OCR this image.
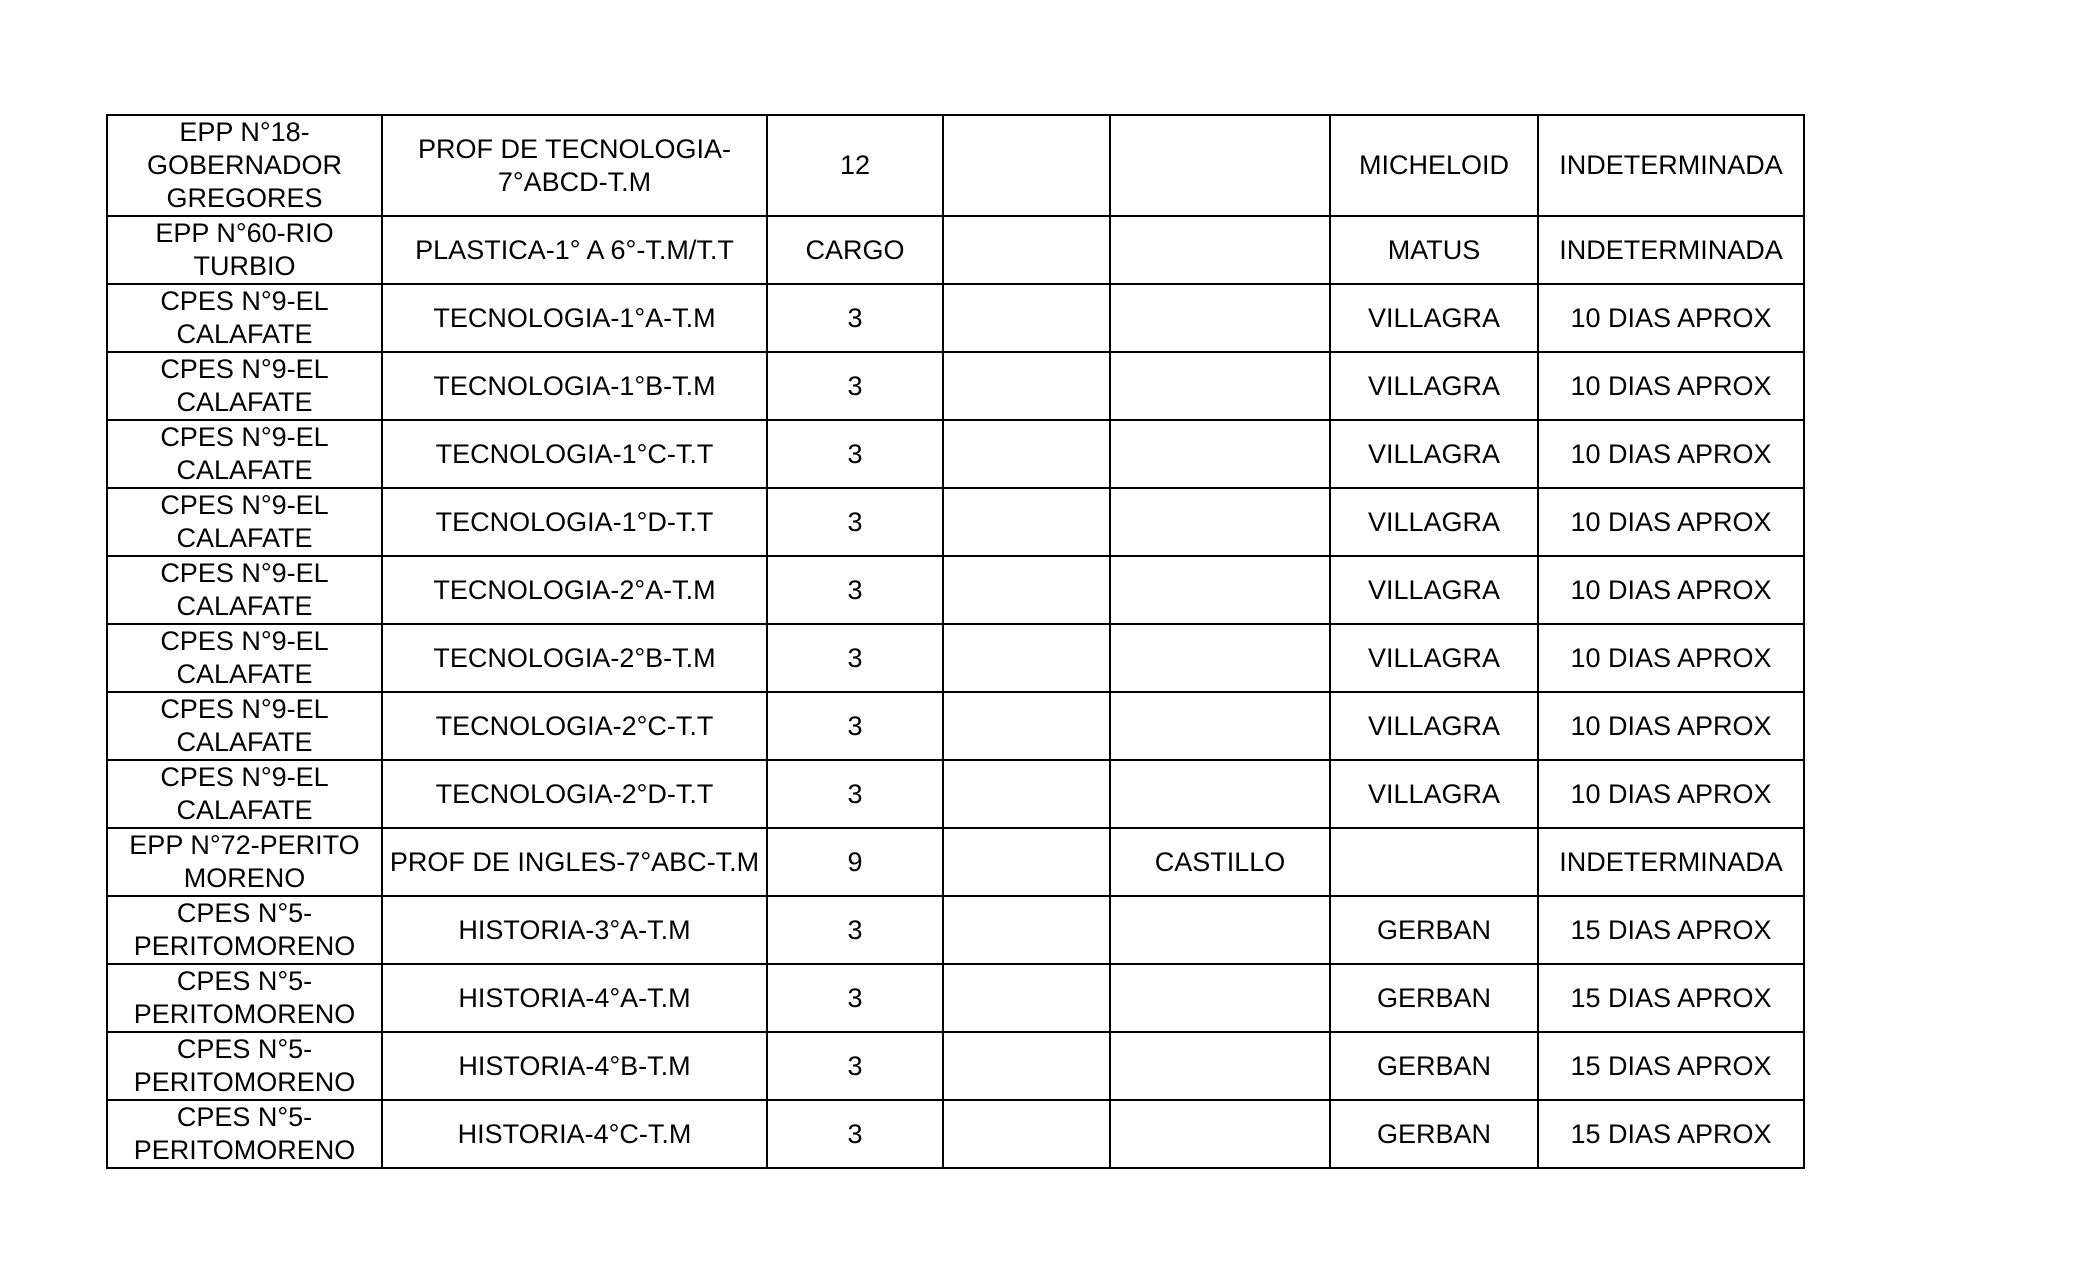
EPP N°18-GOBERNADOR GREGORES	PROF DE TECNOLOGIA-7°ABCD-T.M	12			MICHELOID	INDETERMINADA
EPP N°60-RIO TURBIO	PLASTICA-1° A 6°-T.M/T.T	CARGO			MATUS	INDETERMINADA
CPES N°9-EL CALAFATE	TECNOLOGIA-1°A-T.M	3			VILLAGRA	10 DIAS APROX
CPES N°9-EL CALAFATE	TECNOLOGIA-1°B-T.M	3			VILLAGRA	10 DIAS APROX
CPES N°9-EL CALAFATE	TECNOLOGIA-1°C-T.T	3			VILLAGRA	10 DIAS APROX
CPES N°9-EL CALAFATE	TECNOLOGIA-1°D-T.T	3			VILLAGRA	10 DIAS APROX
CPES N°9-EL CALAFATE	TECNOLOGIA-2°A-T.M	3			VILLAGRA	10 DIAS APROX
CPES N°9-EL CALAFATE	TECNOLOGIA-2°B-T.M	3			VILLAGRA	10 DIAS APROX
CPES N°9-EL CALAFATE	TECNOLOGIA-2°C-T.T	3			VILLAGRA	10 DIAS APROX
CPES N°9-EL CALAFATE	TECNOLOGIA-2°D-T.T	3			VILLAGRA	10 DIAS APROX
EPP N°72-PERITO MORENO	PROF DE INGLES-7°ABC-T.M	9		CASTILLO		INDETERMINADA
CPES N°5-PERITOMORENO	HISTORIA-3°A-T.M	3			GERBAN	15 DIAS APROX
CPES N°5-PERITOMORENO	HISTORIA-4°A-T.M	3			GERBAN	15 DIAS APROX
CPES N°5-PERITOMORENO	HISTORIA-4°B-T.M	3			GERBAN	15 DIAS APROX
CPES N°5-PERITOMORENO	HISTORIA-4°C-T.M	3			GERBAN	15 DIAS APROX
